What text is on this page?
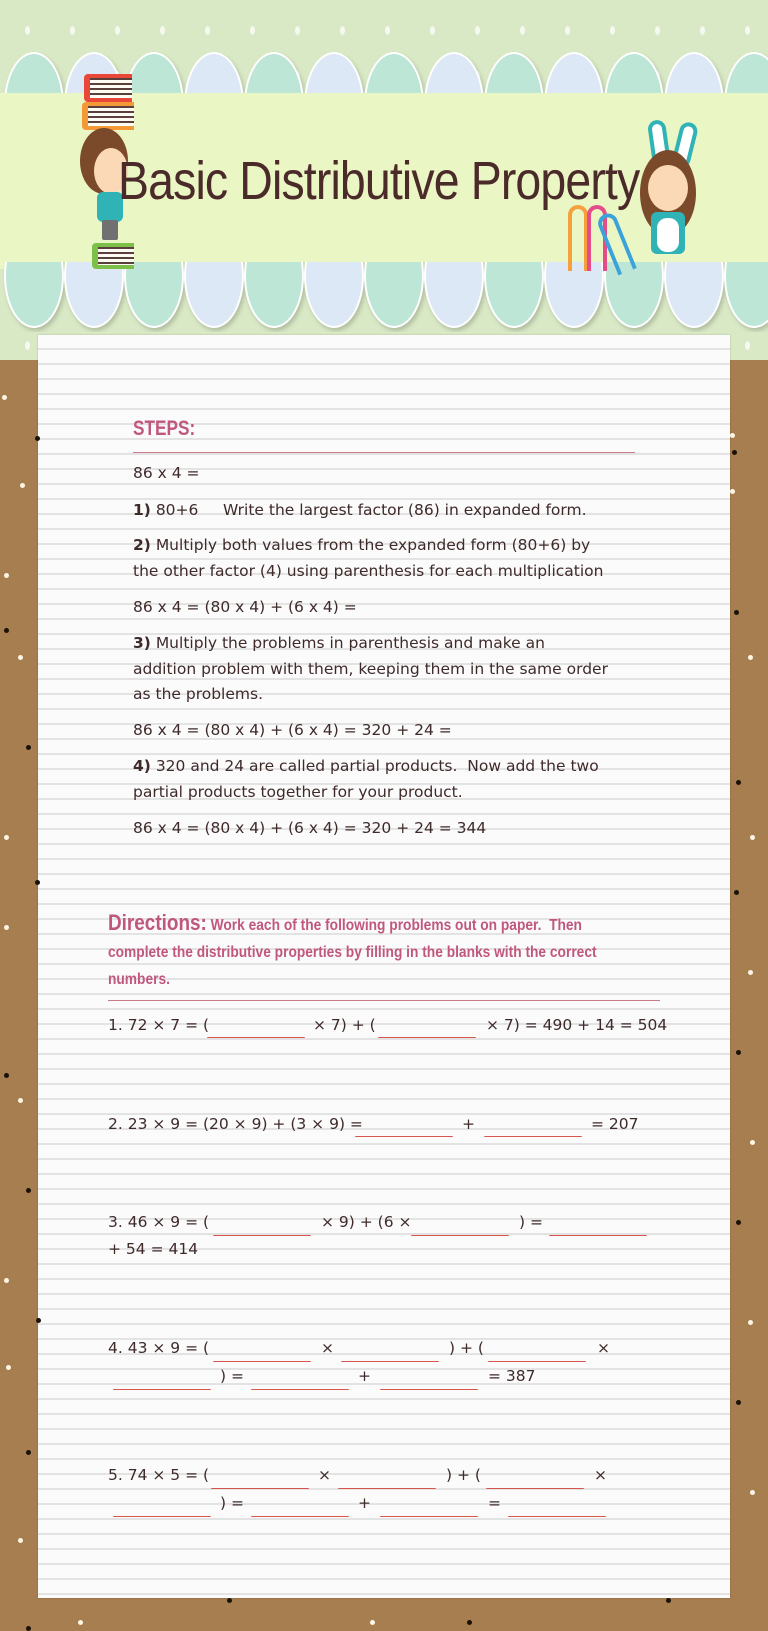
Basic Distributive Property
STEPS:
86 x 4 =
1) 80+6     Write the largest factor (86) in expanded form.
2) Multiply both values from the expanded form (80+6) by
the other factor (4) using parenthesis for each multiplication
86 x 4 = (80 x 4) + (6 x 4) =
3) Multiply the problems in parenthesis and make an
addition problem with them, keeping them in the same order
as the problems.
86 x 4 = (80 x 4) + (6 x 4) = 320 + 24 =
4) 320 and 24 are called partial products.  Now add the two
partial products together for your product.
86 x 4 = (80 x 4) + (6 x 4) = 320 + 24 = 344
Directions: Work each of the following problems out on paper.  Then
complete the distributive properties by filling in the blanks with the correct
numbers.
1. 72 × 7 = (	× 7) + (	× 7) = 490 + 14 = 504
2. 23 × 9 = (20 × 9) + (3 × 9) =	+	= 207
3. 46 × 9 = (	× 9) + (6 ×	) =
+ 54 = 414
4. 43 × 9 = (	×	) + (	×
) =	+	= 387
5. 74 × 5 = (	×	) + (	×
) =	+	=
